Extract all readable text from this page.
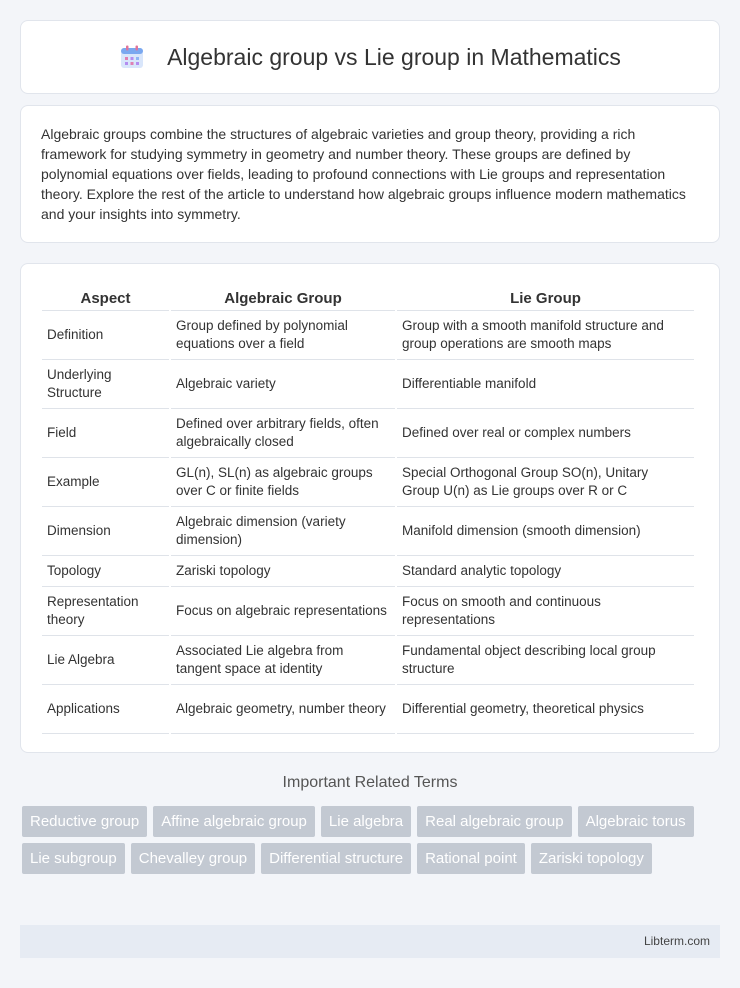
Algebraic group vs Lie group in Mathematics

Algebraic groups combine the structures of algebraic varieties and group theory, providing a rich framework for studying symmetry in geometry and number theory. These groups are defined by polynomial equations over fields, leading to profound connections with Lie groups and representation theory. Explore the rest of the article to understand how algebraic groups influence modern mathematics and your insights into symmetry.

Aspect	Algebraic Group	Lie Group
Definition	Group defined by polynomial equations over a field	Group with a smooth manifold structure and group operations are smooth maps
Underlying Structure	Algebraic variety	Differentiable manifold
Field	Defined over arbitrary fields, often algebraically closed	Defined over real or complex numbers
Example	GL(n), SL(n) as algebraic groups over C or finite fields	Special Orthogonal Group SO(n), Unitary Group U(n) as Lie groups over R or C
Dimension	Algebraic dimension (variety dimension)	Manifold dimension (smooth dimension)
Topology	Zariski topology	Standard analytic topology
Representation theory	Focus on algebraic representations	Focus on smooth and continuous representations
Lie Algebra	Associated Lie algebra from tangent space at identity	Fundamental object describing local group structure
Applications	Algebraic geometry, number theory	Differential geometry, theoretical physics
Important Related Terms
Reductive group	Affine algebraic group	Lie algebra	Real algebraic group	Algebraic torus
Lie subgroup	Chevalley group	Differential structure	Rational point	Zariski topology
Libterm.com
